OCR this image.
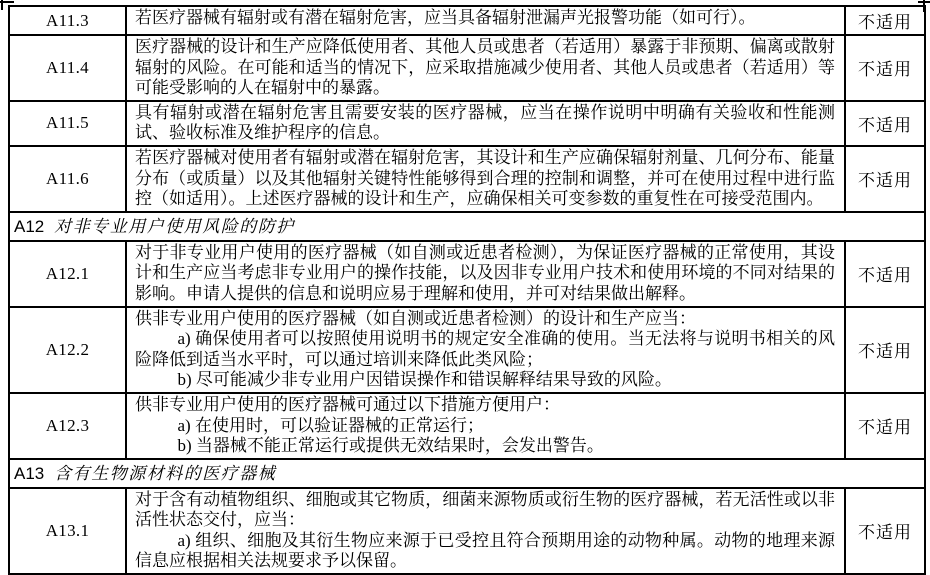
A11.3	若医疗器械有辐射或有潜在辐射危害，应当具备辐射泄漏声光报警功能（如可行）。	不适用
A11.4	医疗器械的设计和生产应降低使用者、其他人员或患者（若适用）暴露于非预期、偏离或散射辐射的风险。在可能和适当的情况下，应采取措施减少使用者、其他人员或患者（若适用）等可能受影响的人在辐射中的暴露。	不适用
A11.5	具有辐射或潜在辐射危害且需要安装的医疗器械，应当在操作说明中明确有关验收和性能测试、验收标准及维护程序的信息。	不适用
A11.6	若医疗器械对使用者有辐射或潜在辐射危害，其设计和生产应确保辐射剂量、几何分布、能量分布（或质量）以及其他辐射关键特性能够得到合理的控制和调整，并可在使用过程中进行监控（如适用）。上述医疗器械的设计和生产，应确保相关可变参数的重复性在可接受范围内。	不适用
A12 对非专业用户使用风险的防护		
A12.1	对于非专业用户使用的医疗器械（如自测或近患者检测），为保证医疗器械的正常使用，其设计和生产应当考虑非专业用户的操作技能，以及因非专业用户技术和使用环境的不同对结果的影响。申请人提供的信息和说明应易于理解和使用，并可对结果做出解释。	不适用
A12.2	供非专业用户使用的医疗器械（如自测或近患者检测）的设计和生产应当：

a) 确保使用者可以按照使用说明书的规定安全准确的使用。当无法将与说明书相关的风险降低到适当水平时，可以通过培训来降低此类风险；

b) 尽可能减少非专业用户因错误操作和错误解释结果导致的风险。	不适用
A12.3	供非专业用户使用的医疗器械可通过以下措施方便用户：

a) 在使用时，可以验证器械的正常运行；

b) 当器械不能正常运行或提供无效结果时，会发出警告。	不适用
A13 含有生物源材料的医疗器械		
A13.1	对于含有动植物组织、细胞或其它物质，细菌来源物质或衍生物的医疗器械，若无活性或以非活性状态交付，应当：

a) 组织、细胞及其衍生物应来源于已受控且符合预期用途的动物种属。动物的地理来源信息应根据相关法规要求予以保留。	不适用
